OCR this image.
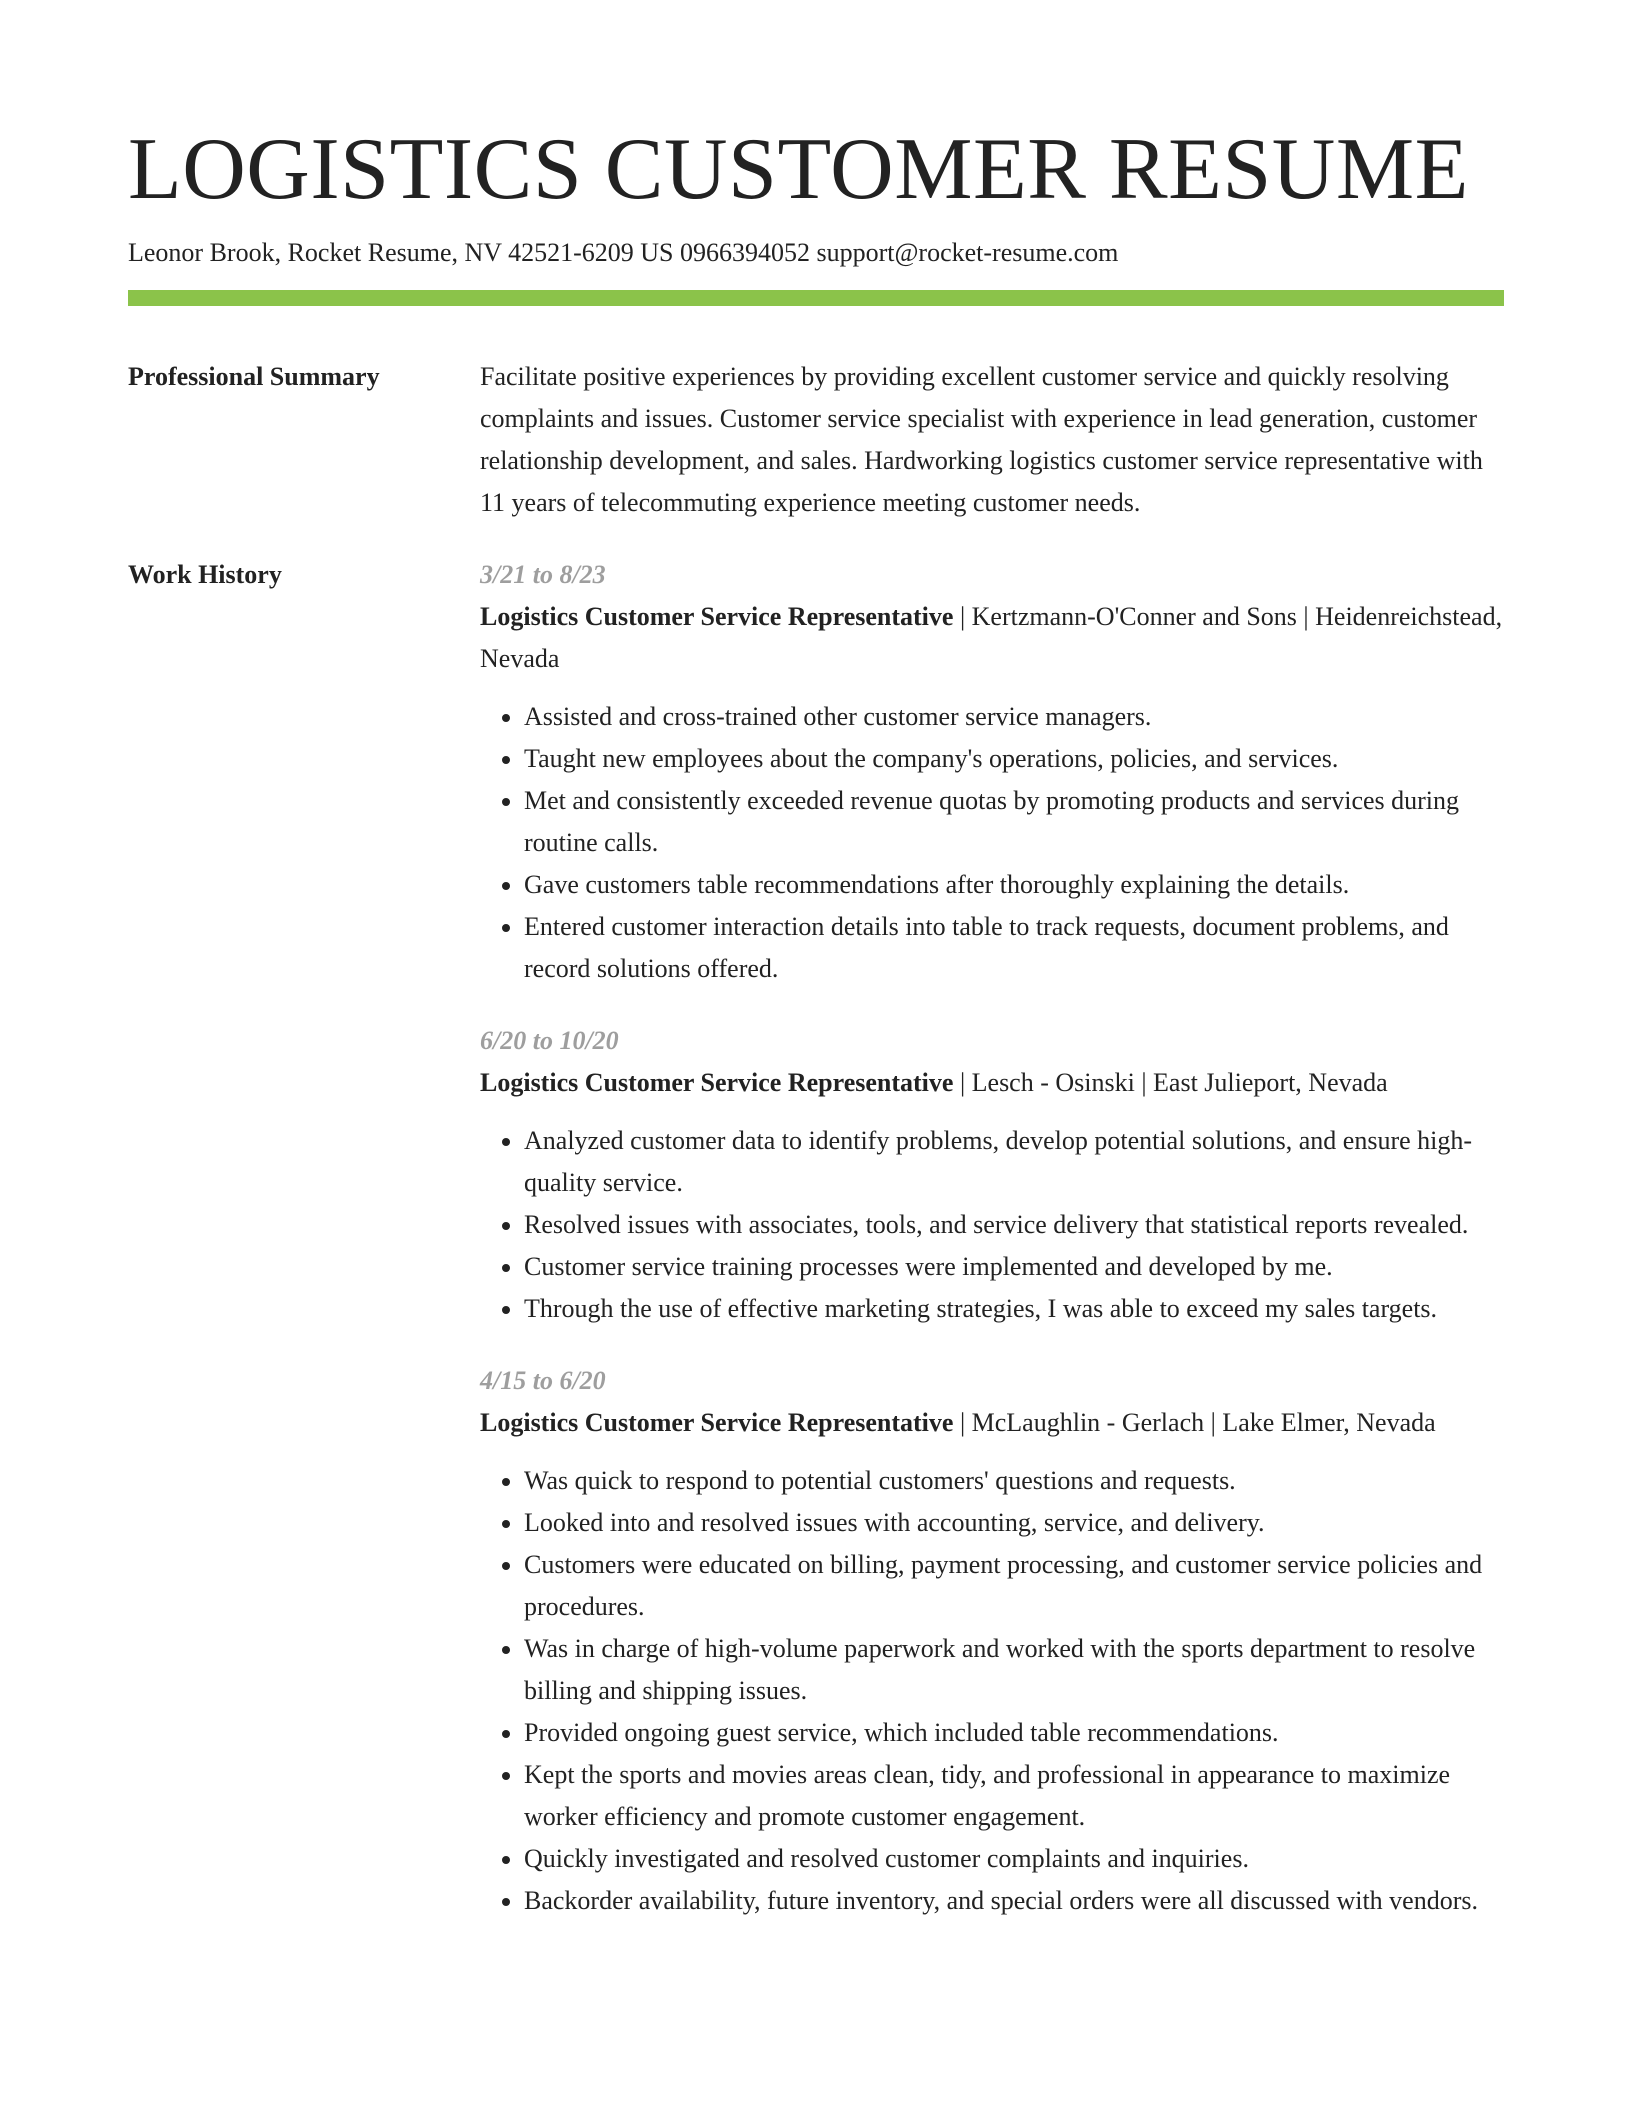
LOGISTICS CUSTOMER RESUME
Leonor Brook, Rocket Resume, NV 42521-6209 US 0966394052 support@rocket-resume.com
Professional Summary	Facilitate positive experiences by providing excellent customer service and quickly resolving complaints and issues. Customer service specialist with experience in lead generation, customer relationship development, and sales. Hardworking logistics customer service representative with 11 years of telecommuting experience meeting customer needs.

Work History	3/21 to 8/23
Logistics Customer Service Representative | Kertzmann-O'Conner and Sons | Heidenreichstead, Nevada
• Assisted and cross-trained other customer service managers.
• Taught new employees about the company's operations, policies, and services.
• Met and consistently exceeded revenue quotas by promoting products and services during routine calls.
• Gave customers table recommendations after thoroughly explaining the details.
• Entered customer interaction details into table to track requests, document problems, and record solutions offered.
6/20 to 10/20
Logistics Customer Service Representative | Lesch - Osinski | East Julieport, Nevada
• Analyzed customer data to identify problems, develop potential solutions, and ensure high-quality service.
• Resolved issues with associates, tools, and service delivery that statistical reports revealed.
• Customer service training processes were implemented and developed by me.
• Through the use of effective marketing strategies, I was able to exceed my sales targets.
4/15 to 6/20
Logistics Customer Service Representative | McLaughlin - Gerlach | Lake Elmer, Nevada
• Was quick to respond to potential customers' questions and requests.
• Looked into and resolved issues with accounting, service, and delivery.
• Customers were educated on billing, payment processing, and customer service policies and procedures.
• Was in charge of high-volume paperwork and worked with the sports department to resolve billing and shipping issues.
• Provided ongoing guest service, which included table recommendations.
• Kept the sports and movies areas clean, tidy, and professional in appearance to maximize worker efficiency and promote customer engagement.
• Quickly investigated and resolved customer complaints and inquiries.
• Backorder availability, future inventory, and special orders were all discussed with vendors.
